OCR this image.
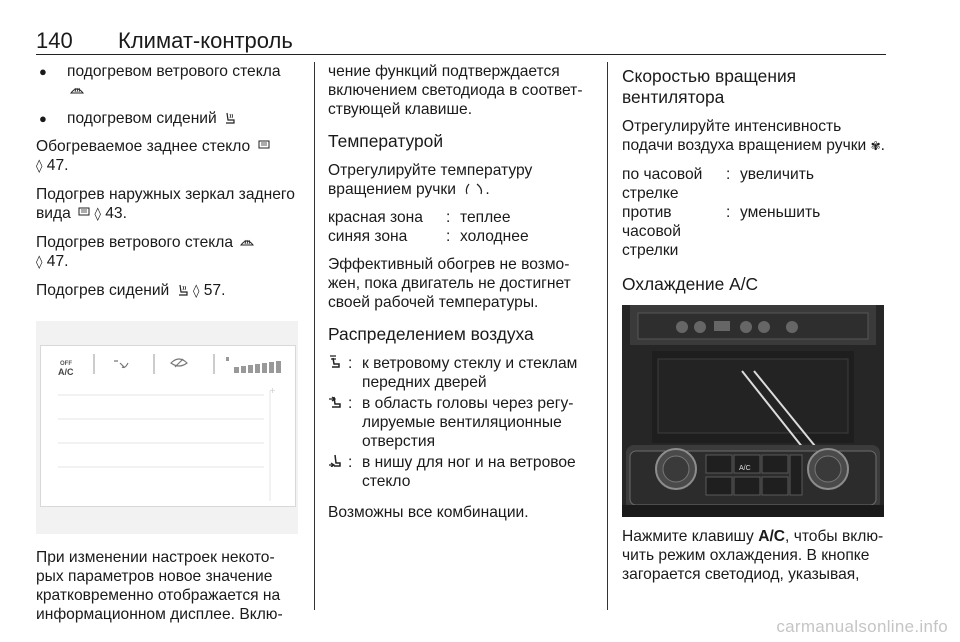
140 Климат-контроль
● подогревом ветрового стекла
● подогревом сидений
Обогреваемое заднее стекло
◊ 47.
Подогрев наружных зеркал заднего вида ◊ 43.
Подогрев ветрового стекла
◊ 47.
Подогрев сидений ◊ 57.
OFF
A/C
+
При изменении настроек некото-рых параметров новое значение кратковременно отображается на информационном дисплее. Вклю-
чение функций подтверждается включением светодиода в соответ-ствующей клавише.
Температурой
Отрегулируйте температуру вращением ручки .
красная зона	: теплее
синяя зона	: холоднее
Эффективный обогрев не возмо-жен, пока двигатель не достигнет своей рабочей температуры.
Распределением воздуха
: к ветровому стеклу и стеклам передних дверей
: в область головы через регу-лируемые вентиляционные отверстия
: в нишу для ног и на ветровое стекло
Возможны все комбинации.
Скоростью вращения вентилятора
Отрегулируйте интенсивность подачи воздуха вращением ручки ✾.
по часовой стрелке
: увеличить
против часовой стрелки
: уменьшить
Охлаждение A/C
A/C
Нажмите клавишу A/C, чтобы вклю-чить режим охлаждения. В кнопке загорается светодиод, указывая,
carmanualsonline.info
